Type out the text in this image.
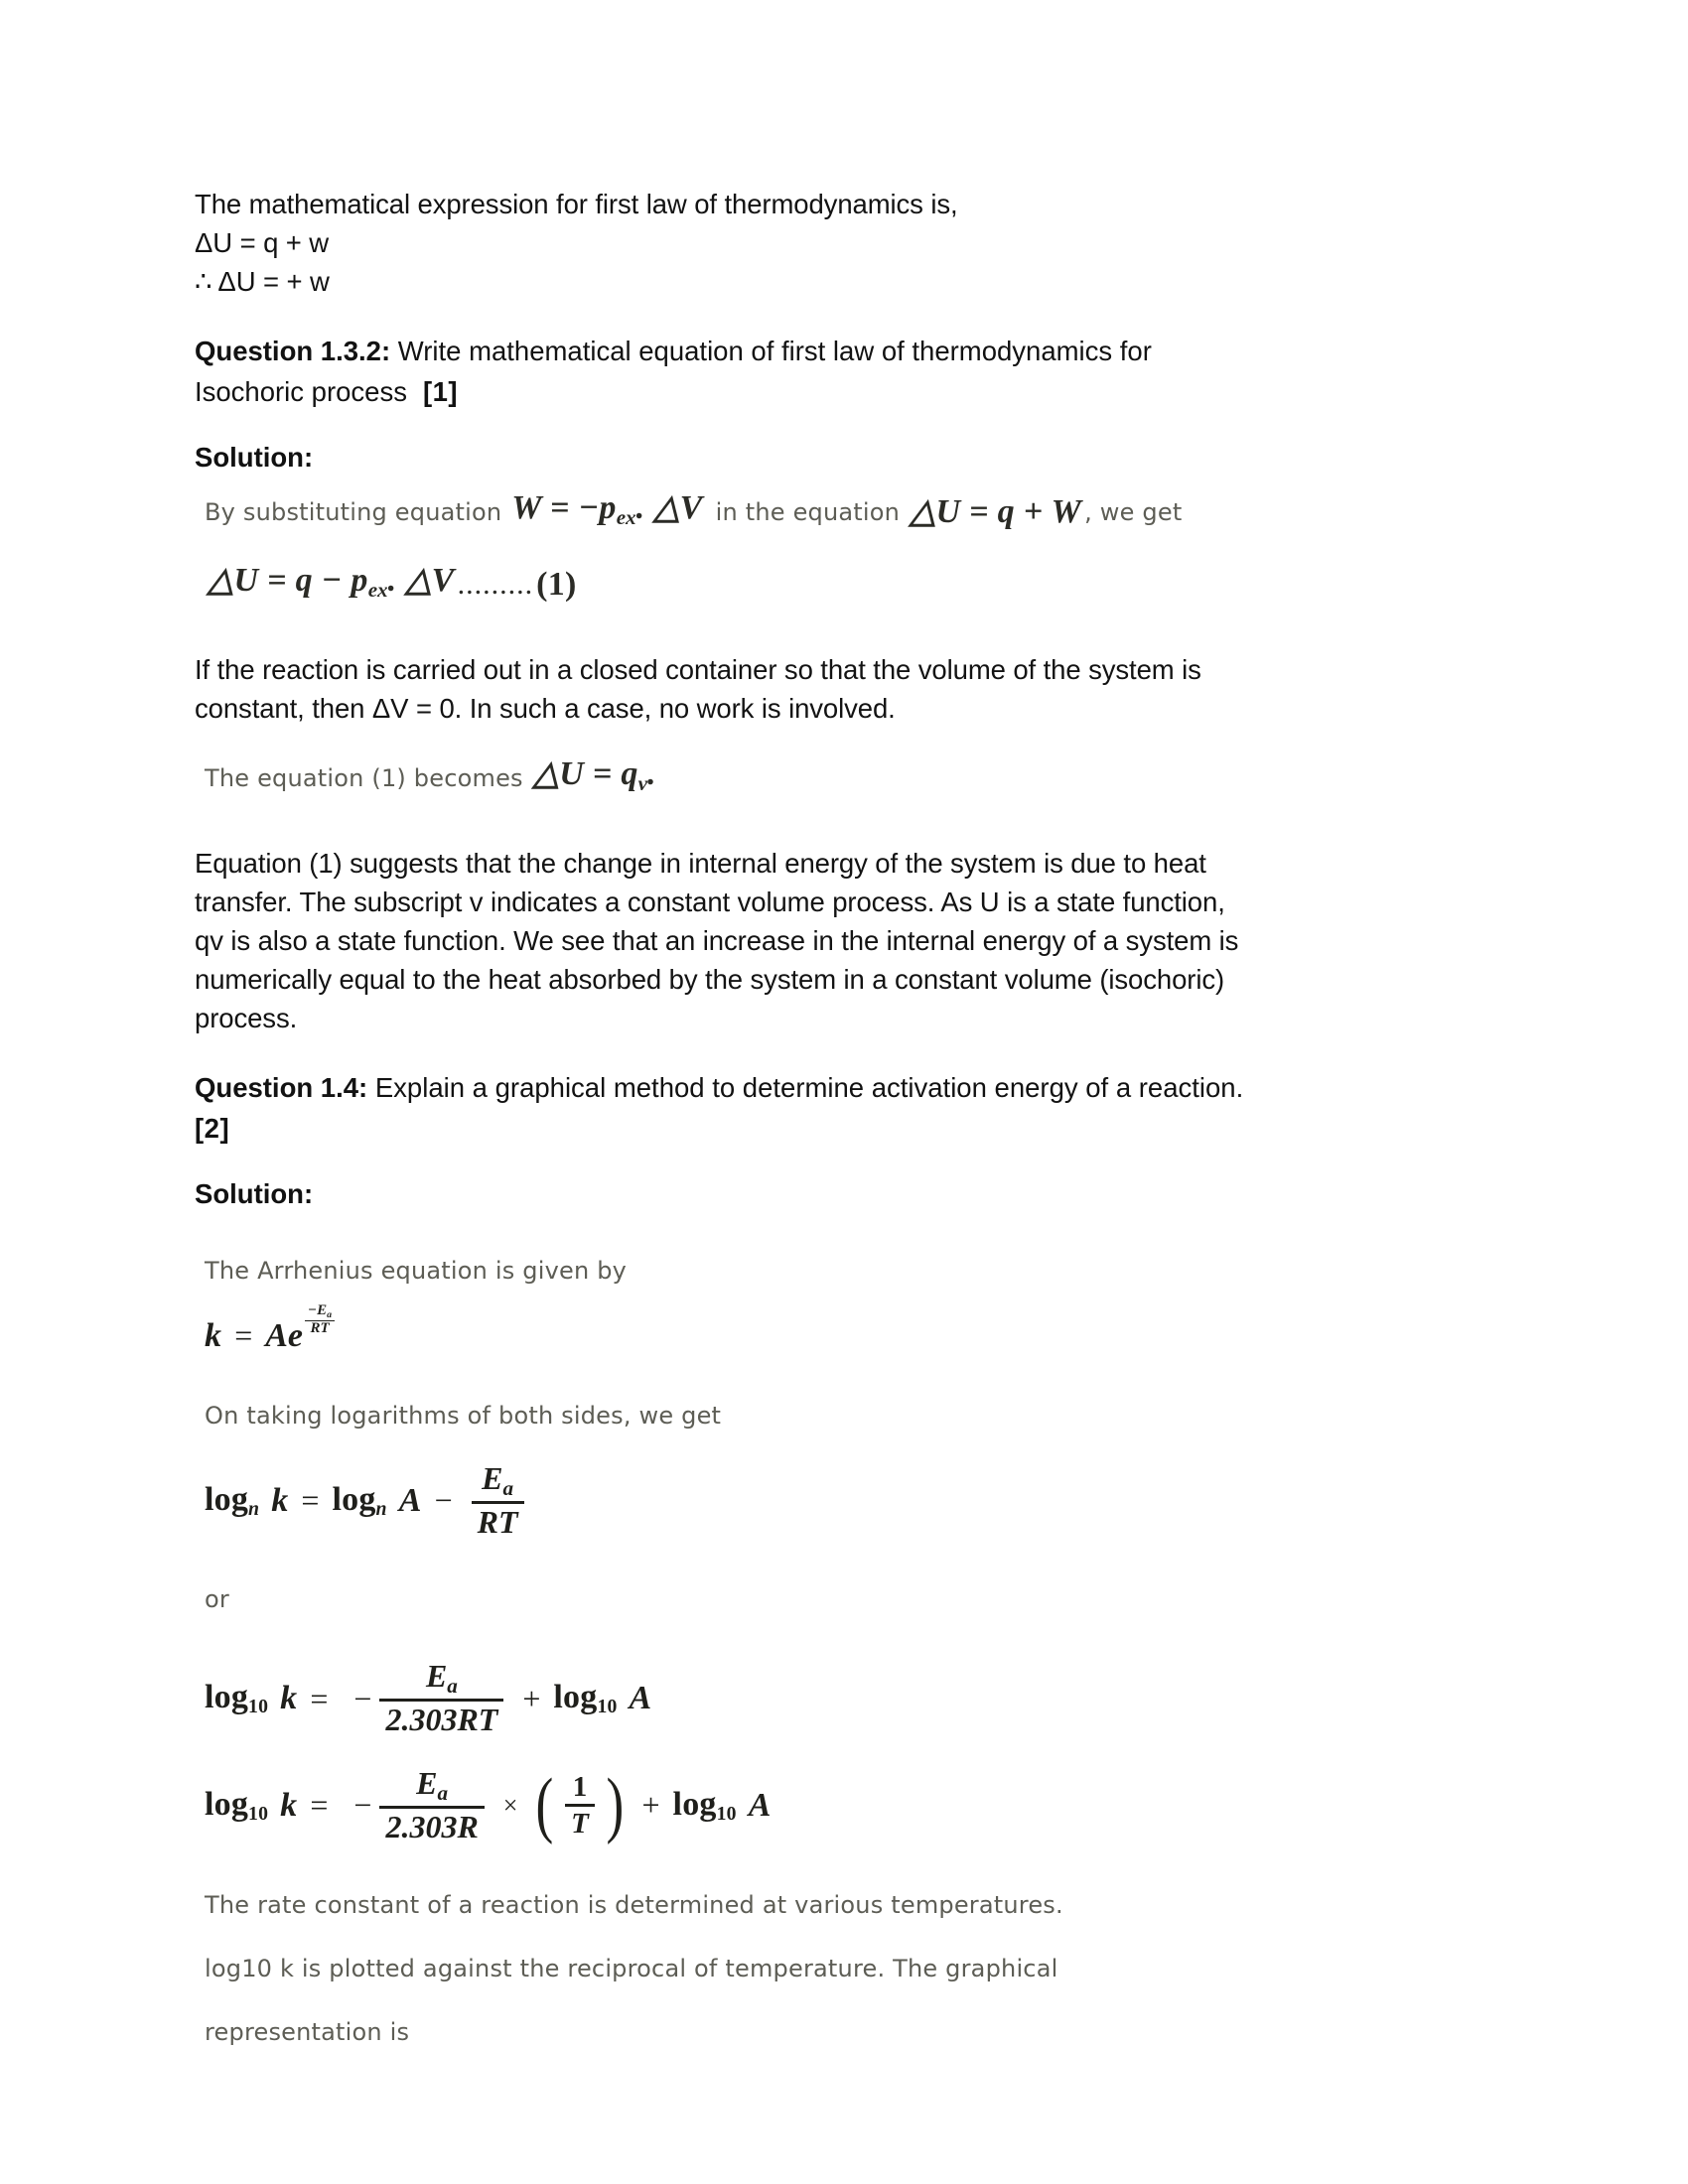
The mathematical expression for first law of thermodynamics is,

ΔU = q + w

∴ ΔU = + w

Question 1.3.2: Write mathematical equation of first law of thermodynamics for
Isochoric process [1]

Solution:

By substituting equation $W = -p_{ex}$. △V in the equation △U = q + W , we get
△U = $q - p_{ex}$. △V ......... (1)

If the reaction is carried out in a closed container so that the volume of the system is

constant, then ΔV = 0. In such a case, no work is involved.

The equation (1) becomes △U = $q_v$.

Equation (1) suggests that the change in internal energy of the system is due to heat

transfer. The subscript v indicates a constant volume process. As U is a state function,

qv is also a state function. We see that an increase in the internal energy of a system is

numerically equal to the heat absorbed by the system in a constant volume (isochoric)

process.

Question 1.4: Explain a graphical method to determine activation energy of a reaction.
[2]

Solution:

The Arrhenius equation is given by
k = Ae $\frac{-Ea}{RT}$
On taking logarithms of both sides, we get
logn k = logn $A - \frac{Ea}{RT}$
or
log10 k = − $\frac{Ea}{2.303RT} + \log 10$ A
log10 k = − $\frac{Ea}{2.303R}$ × ( $\frac{1}{T}$ ) + log10 A
The rate constant of a reaction is determined at various temperatures.
log 10 k is plotted against the reciprocal of temperature. The graphical
representation is
